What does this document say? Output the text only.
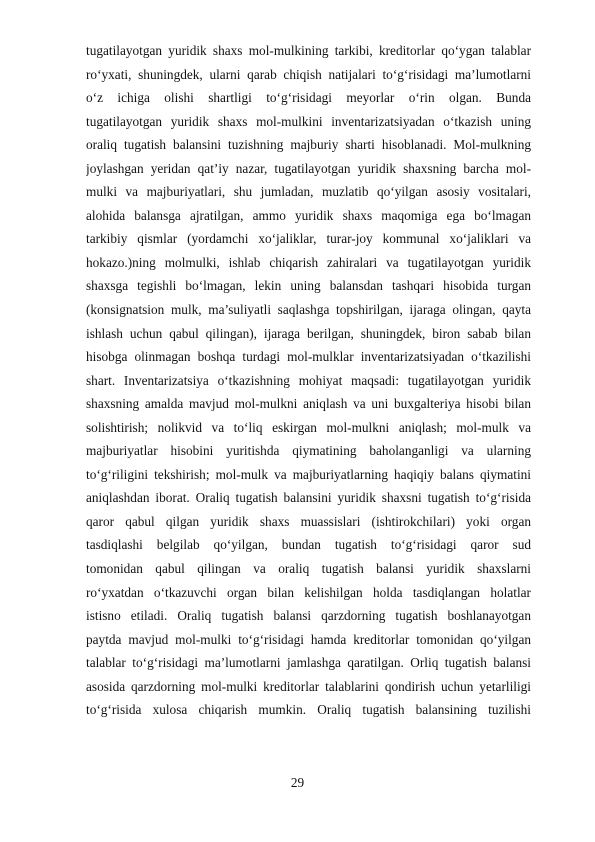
tugatilayotgan yuridik shaxs mol-mulkining tarkibi, kreditorlar qo‘ygan talablar
ro‘yxati, shuningdek, ularni qarab chiqish natijalari to‘g‘risidagi ma’lumotlarni
o‘z ichiga olishi shartligi to‘g‘risidagi meyorlar o‘rin olgan. Bunda
tugatilayotgan yuridik shaxs mol-mulkini inventarizatsiyadan o‘tkazish uning
oraliq tugatish balansini tuzishning majburiy sharti hisoblanadi. Mol-mulkning
joylashgan yeridan qat’iy nazar, tugatilayotgan yuridik shaxsning barcha mol-
mulki va majburiyatlari, shu jumladan, muzlatib qo‘yilgan asosiy vositalari,
alohida balansga ajratilgan, ammo yuridik shaxs maqomiga ega bo‘lmagan
tarkibiy qismlar (yordamchi xo‘jaliklar, turar-joy kommunal xo‘jaliklari va
hokazo.)ning molmulki, ishlab chiqarish zahiralari va tugatilayotgan yuridik
shaxsga tegishli bo‘lmagan, lekin uning balansdan tashqari hisobida turgan
(konsignatsion mulk, ma’suliyatli saqlashga topshirilgan, ijaraga olingan, qayta
ishlash uchun qabul qilingan), ijaraga berilgan, shuningdek, biron sabab bilan
hisobga olinmagan boshqa turdagi mol-mulklar inventarizatsiyadan o‘tkazilishi
shart. Inventarizatsiya o‘tkazishning mohiyat maqsadi: tugatilayotgan yuridik
shaxsning amalda mavjud mol-mulkni aniqlash va uni buxgalteriya hisobi bilan
solishtirish; nolikvid va to‘liq eskirgan mol-mulkni aniqlash; mol-mulk va
majburiyatlar hisobini yuritishda qiymatining baholanganligi va ularning
to‘g‘riligini tekshirish; mol-mulk va majburiyatlarning haqiqiy balans qiymatini
aniqlashdan iborat. Oraliq tugatish balansini yuridik shaxsni tugatish to‘g‘risida
qaror qabul qilgan yuridik shaxs muassislari (ishtirokchilari) yoki organ
tasdiqlashi belgilab qo‘yilgan, bundan tugatish to‘g‘risidagi qaror sud
tomonidan qabul qilingan va oraliq tugatish balansi yuridik shaxslarni
ro‘yxatdan o‘tkazuvchi organ bilan kelishilgan holda tasdiqlangan holatlar
istisno etiladi. Oraliq tugatish balansi qarzdorning tugatish boshlanayotgan
paytda mavjud mol-mulki to‘g‘risidagi hamda kreditorlar tomonidan qo‘yilgan
talablar to‘g‘risidagi ma’lumotlarni jamlashga qaratilgan. Orliq tugatish balansi
asosida qarzdorning mol-mulki kreditorlar talablarini qondirish uchun yetarliligi
to‘g‘risida xulosa chiqarish mumkin. Oraliq tugatish balansining tuzilishi
29
